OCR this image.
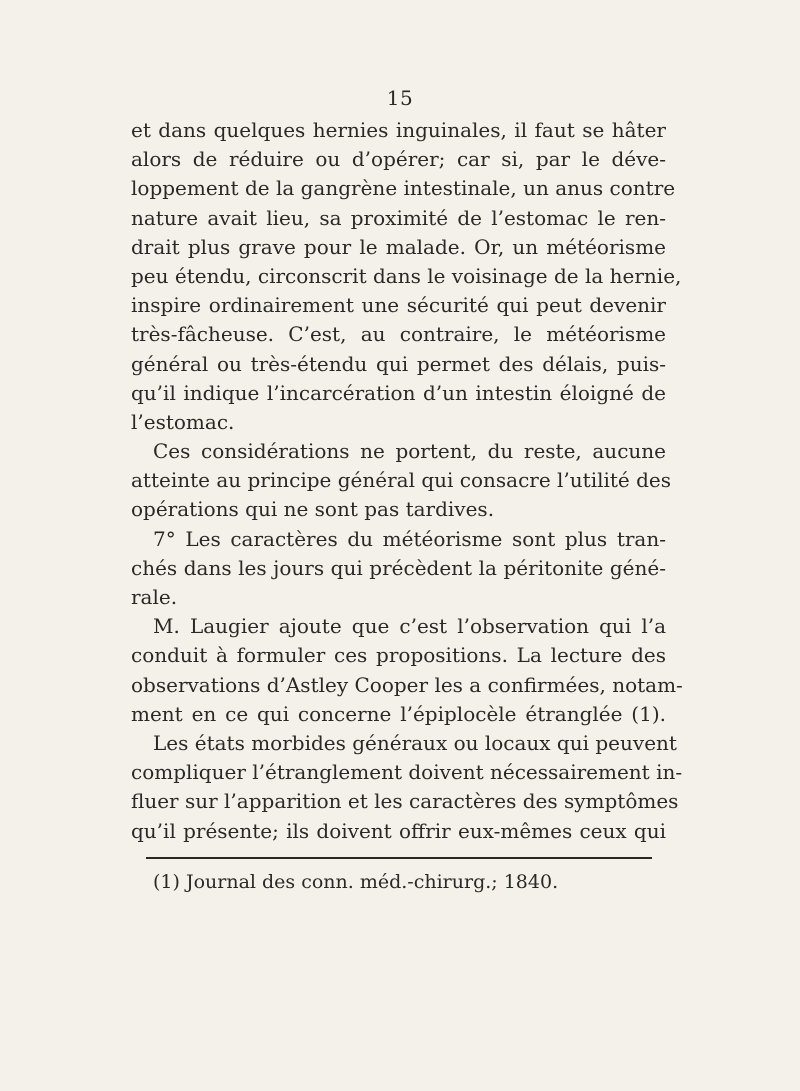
15
et dans quelques hernies inguinales, il faut se hâter
alors de réduire ou d’opérer; car si, par le déve-
loppement de la gangrène intestinale, un anus contre
nature avait lieu, sa proximité de l’estomac le ren-
drait plus grave pour le malade. Or, un météorisme
peu étendu, circonscrit dans le voisinage de la hernie,
inspire ordinairement une sécurité qui peut devenir
très-fâcheuse. C’est, au contraire, le météorisme
général ou très-étendu qui permet des délais, puis-
qu’il indique l’incarcération d’un intestin éloigné de
l’estomac.
Ces considérations ne portent, du reste, aucune
atteinte au principe général qui consacre l’utilité des
opérations qui ne sont pas tardives.
7° Les caractères du météorisme sont plus tran-
chés dans les jours qui précèdent la péritonite géné-
rale.
M. Laugier ajoute que c’est l’observation qui l’a
conduit à formuler ces propositions. La lecture des
observations d’Astley Cooper les a confirmées, notam-
ment en ce qui concerne l’épiplocèle étranglée (1).
Les états morbides généraux ou locaux qui peuvent
compliquer l’étranglement doivent nécessairement in-
fluer sur l’apparition et les caractères des symptômes
qu’il présente; ils doivent offrir eux-mêmes ceux qui
(1) Journal des conn. méd.-chirurg.; 1840.
